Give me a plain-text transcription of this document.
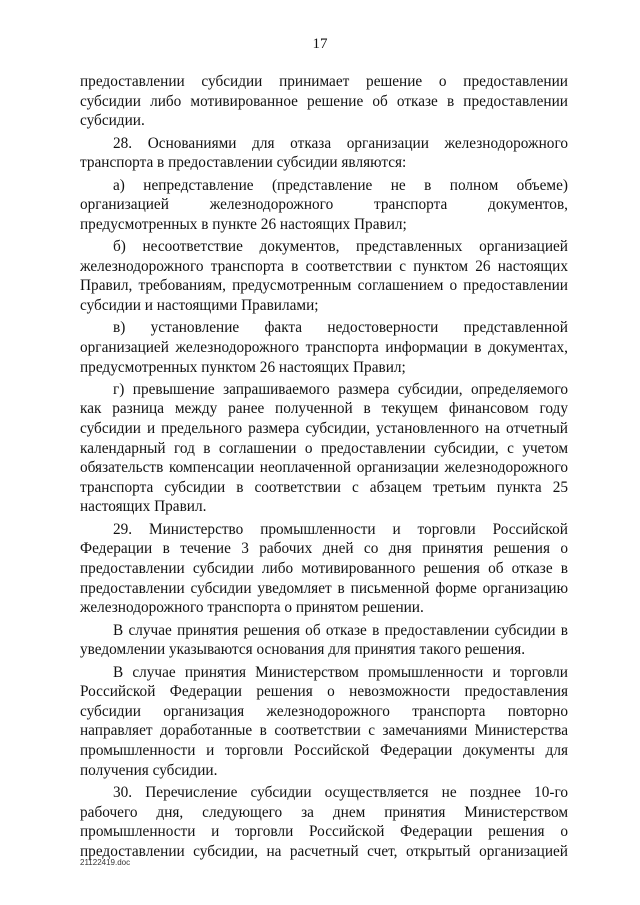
17

предоставлении субсидии принимает решение о предоставлении субсидии либо мотивированное решение об отказе в предоставлении субсидии.

28. Основаниями для отказа организации железнодорожного транспорта в предоставлении субсидии являются:

а) непредставление (представление не в полном объеме) организацией железнодорожного транспорта документов, предусмотренных в пункте 26 настоящих Правил;

б) несоответствие документов, представленных организацией железнодорожного транспорта в соответствии с пунктом 26 настоящих Правил, требованиям, предусмотренным соглашением о предоставлении субсидии и настоящими Правилами;

в) установление факта недостоверности представленной организацией железнодорожного транспорта информации в документах, предусмотренных пунктом 26 настоящих Правил;

г) превышение запрашиваемого размера субсидии, определяемого как разница между ранее полученной в текущем финансовом году субсидии и предельного размера субсидии, установленного на отчетный календарный год в соглашении о предоставлении субсидии, с учетом обязательств компенсации неоплаченной организации железнодорожного транспорта субсидии в соответствии с абзацем третьим пункта 25 настоящих Правил.

29. Министерство промышленности и торговли Российской Федерации в течение 3 рабочих дней со дня принятия решения о предоставлении субсидии либо мотивированного решения об отказе в предоставлении субсидии уведомляет в письменной форме организацию железнодорожного транспорта о принятом решении.

В случае принятия решения об отказе в предоставлении субсидии в уведомлении указываются основания для принятия такого решения.

В случае принятия Министерством промышленности и торговли Российской Федерации решения о невозможности предоставления субсидии организация железнодорожного транспорта повторно направляет доработанные в соответствии с замечаниями Министерства промышленности и торговли Российской Федерации документы для получения субсидии.

30. Перечисление субсидии осуществляется не позднее 10-го рабочего дня, следующего за днем принятия Министерством промышленности и торговли Российской Федерации решения о предоставлении субсидии, на расчетный счет, открытый организацией

21122419.doc
